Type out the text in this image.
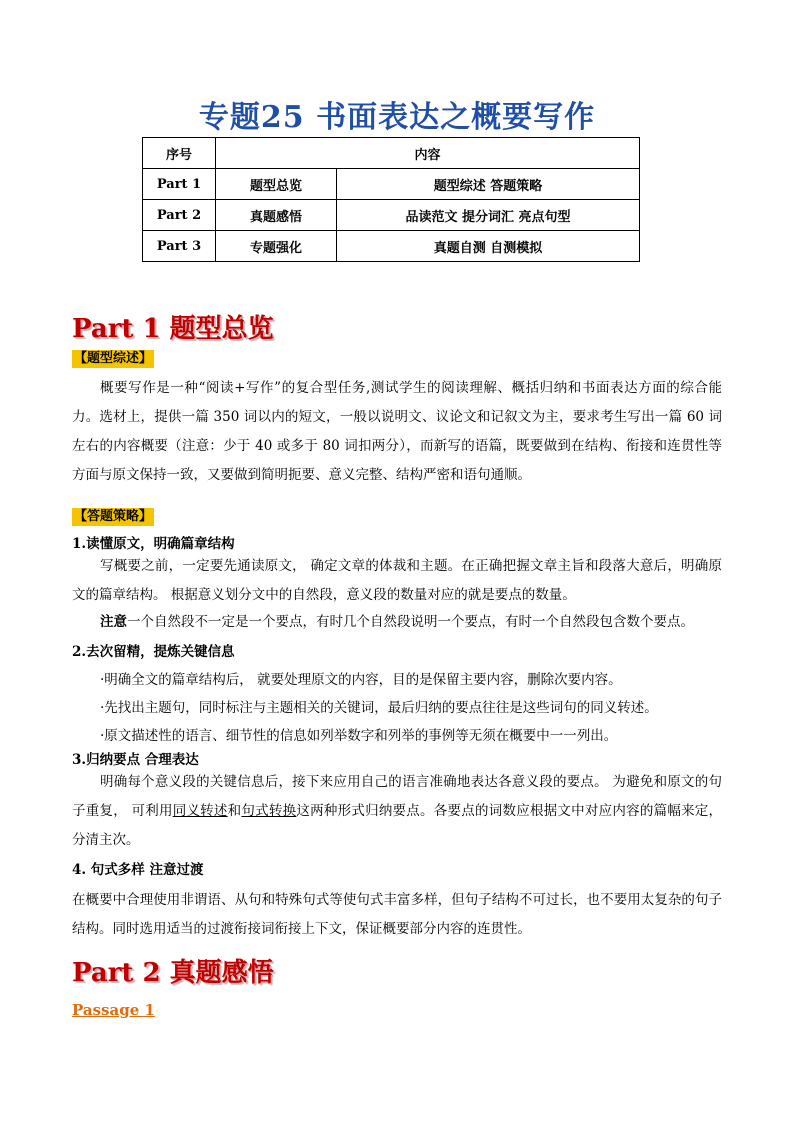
专题25 书面表达之概要写作
序号	内容	
Part 1	题型总览	题型综述 答题策略
Part 2	真题感悟	品读范文 提分词汇 亮点句型
Part 3	专题强化	真题自测 自测模拟
Part 1 题型总览
【题型综述】

概要写作是一种“阅读+写作”的复合型任务,测试学生的阅读理解、概括归纳和书面表达方面的综合能力。选材上，提供一篇 350 词以内的短文，一般以说明文、议论文和记叙文为主，要求考生写出一篇 60 词左右的内容概要（注意：少于 40 或多于 80 词扣两分），而新写的语篇，既要做到在结构、衔接和连贯性等方面与原文保持一致，又要做到简明扼要、意义完整、结构严密和语句通顺。

【答题策略】
1.读懂原文，明确篇章结构

写概要之前，一定要先通读原文， 确定文章的体裁和主题。在正确把握文章主旨和段落大意后，明确原文的篇章结构。 根据意义划分文中的自然段，意义段的数量对应的就是要点的数量。

注意一个自然段不一定是一个要点，有时几个自然段说明一个要点，有时一个自然段包含数个要点。

2.去次留精，提炼关键信息
·明确全文的篇章结构后， 就要处理原文的内容，目的是保留主要内容，删除次要内容。
·先找出主题句，同时标注与主题相关的关键词，最后归纳的要点往往是这些词句的同义转述。
·原文描述性的语言、细节性的信息如列举数字和列举的事例等无须在概要中一一列出。
3.归纳要点 合理表达

明确每个意义段的关键信息后，接下来应用自己的语言准确地表达各意义段的要点。 为避免和原文的句子重复， 可利用同义转述和句式转换这两种形式归纳要点。各要点的词数应根据文中对应内容的篇幅来定，分清主次。

4. 句式多样 注意过渡

在概要中合理使用非谓语、从句和特殊句式等使句式丰富多样，但句子结构不可过长，也不要用太复杂的句子结构。同时选用适当的过渡衔接词衔接上下文，保证概要部分内容的连贯性。

Part 2 真题感悟
Passage 1
